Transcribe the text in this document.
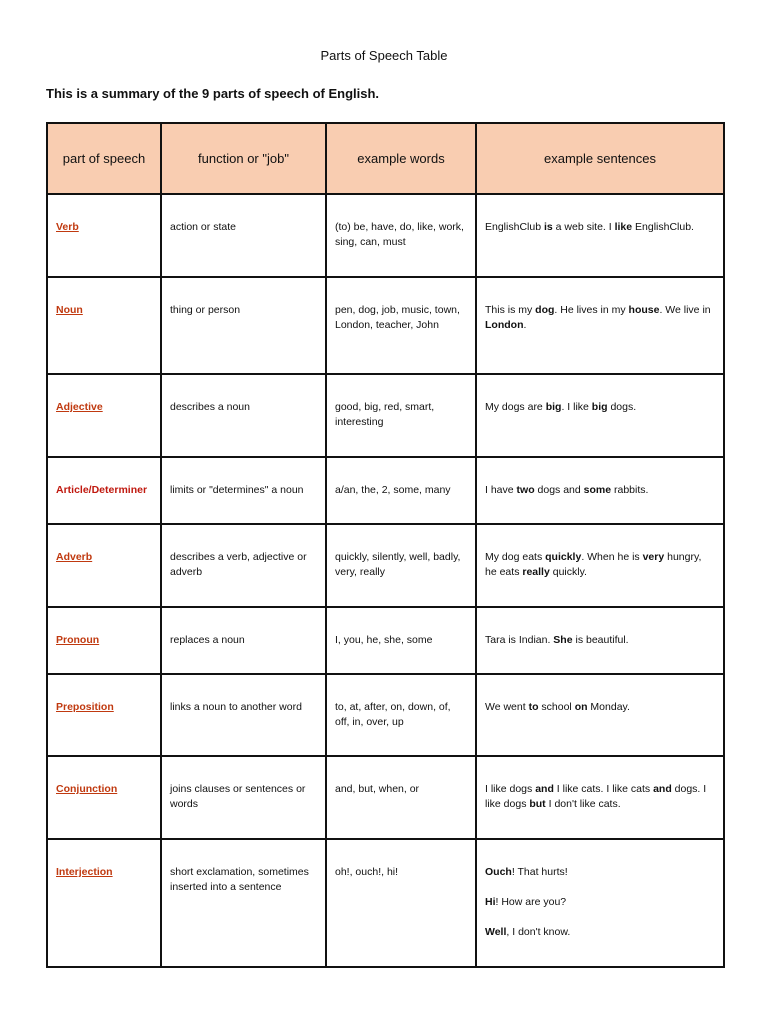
Parts of Speech Table
This is a summary of the 9 parts of speech of English.
part of speech	function or "job"	example words	example sentences

Verb	action or state	(to) be, have, do, like, work, sing, can, must	EnglishClub is a web site. I like EnglishClub.

Noun	thing or person	pen, dog, job, music, town, London, teacher, John	This is my dog. He lives in my house. We live in London.

Adjective	describes a noun	good, big, red, smart, interesting	My dogs are big. I like big dogs.

Article/Determiner	limits or "determines" a noun	a/an, the, 2, some, many	I have two dogs and some rabbits.

Adverb	describes a verb, adjective or adverb	quickly, silently, well, badly, very, really	My dog eats quickly. When he is very hungry, he eats really quickly.

Pronoun	replaces a noun	I, you, he, she, some	Tara is Indian. She is beautiful.

Preposition	links a noun to another word	to, at, after, on, down, of, off, in, over, up	We went to school on Monday.

Conjunction	joins clauses or sentences or words	and, but, when, or	I like dogs and I like cats. I like cats and dogs. I like dogs but I don't like cats.

Interjection	short exclamation, sometimes inserted into a sentence	oh!, ouch!, hi!	Ouch! That hurts!
Hi! How are you?
Well, I don't know.
